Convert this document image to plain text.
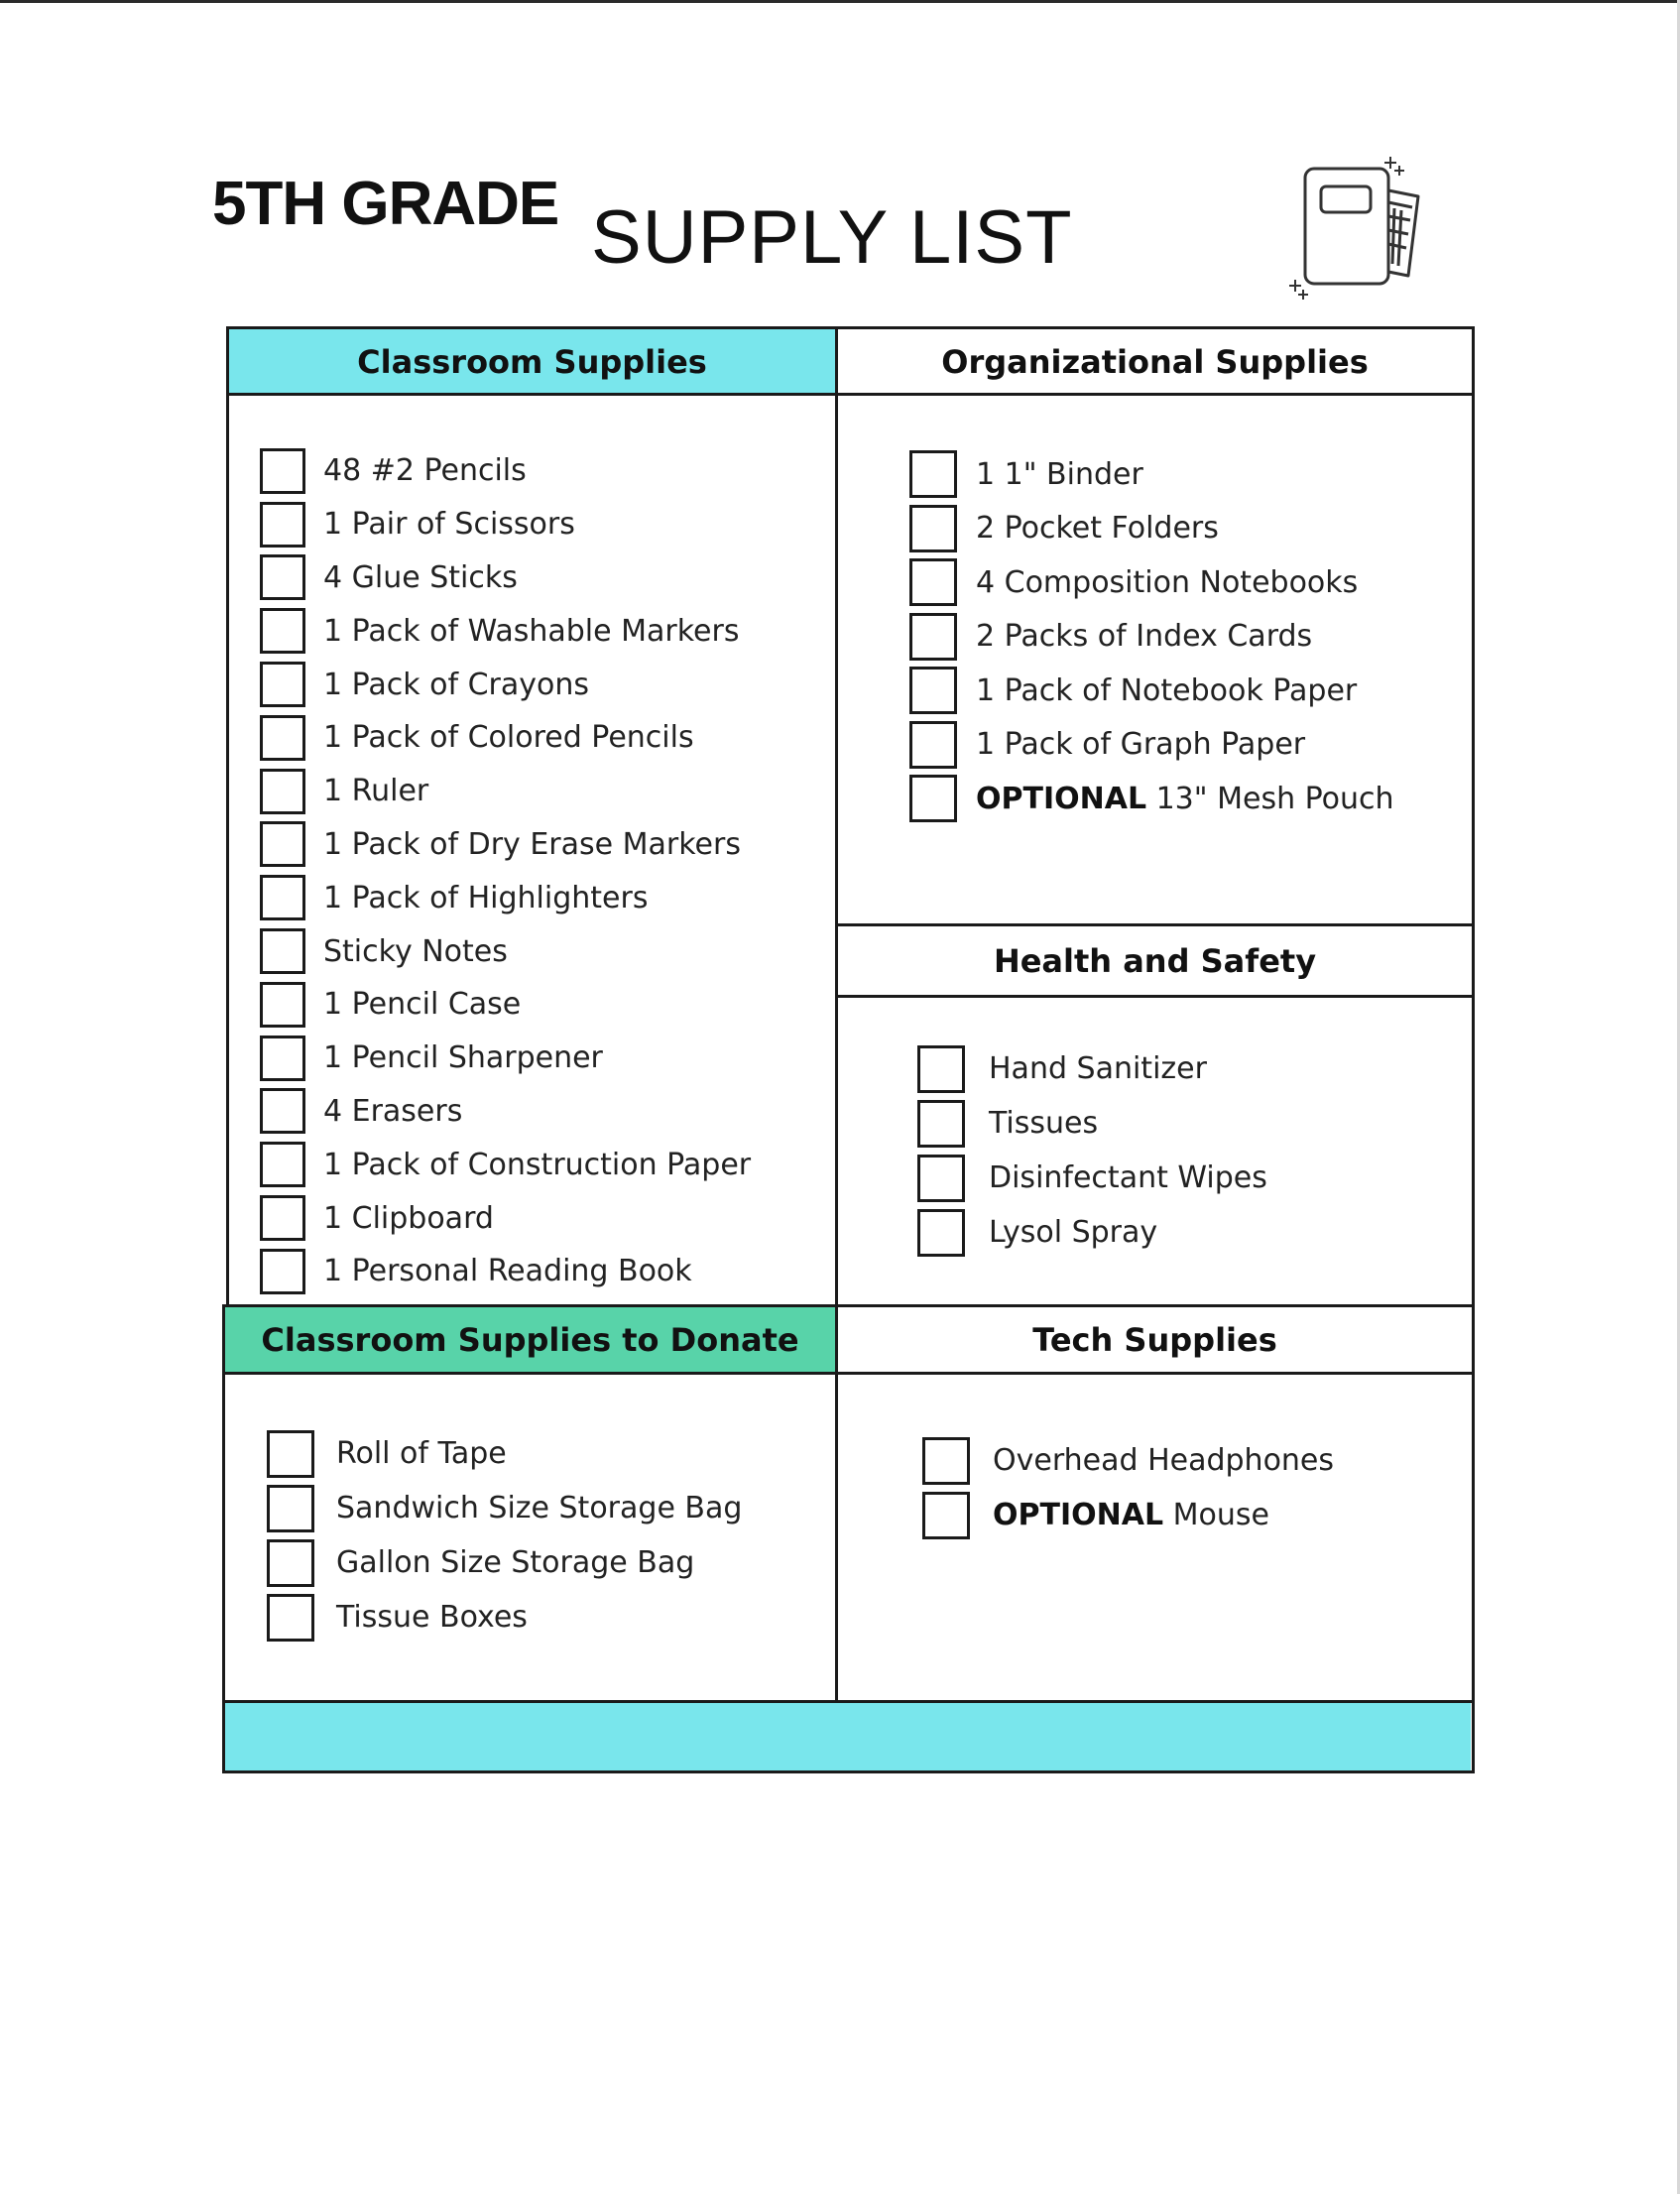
5TH GRADE SUPPLY LIST
Classroom Supplies	Organizational Supplies
Health and Safety
Classroom Supplies to Donate	Tech Supplies
48 #2 Pencils
1 Pair of Scissors
4 Glue Sticks
1 Pack of Washable Markers
1 Pack of Crayons
1 Pack of Colored Pencils
1 Ruler
1 Pack of Dry Erase Markers
1 Pack of Highlighters
Sticky Notes
1 Pencil Case
1 Pencil Sharpener
4 Erasers
1 Pack of Construction Paper
1 Clipboard
1 Personal Reading Book
1 1" Binder
2 Pocket Folders
4 Composition Notebooks
2 Packs of Index Cards
1 Pack of Notebook Paper
1 Pack of Graph Paper
OPTIONAL 13" Mesh Pouch
Hand Sanitizer
Tissues
Disinfectant Wipes
Lysol Spray
Roll of Tape
Sandwich Size Storage Bag
Gallon Size Storage Bag
Tissue Boxes
Overhead Headphones
OPTIONAL Mouse
